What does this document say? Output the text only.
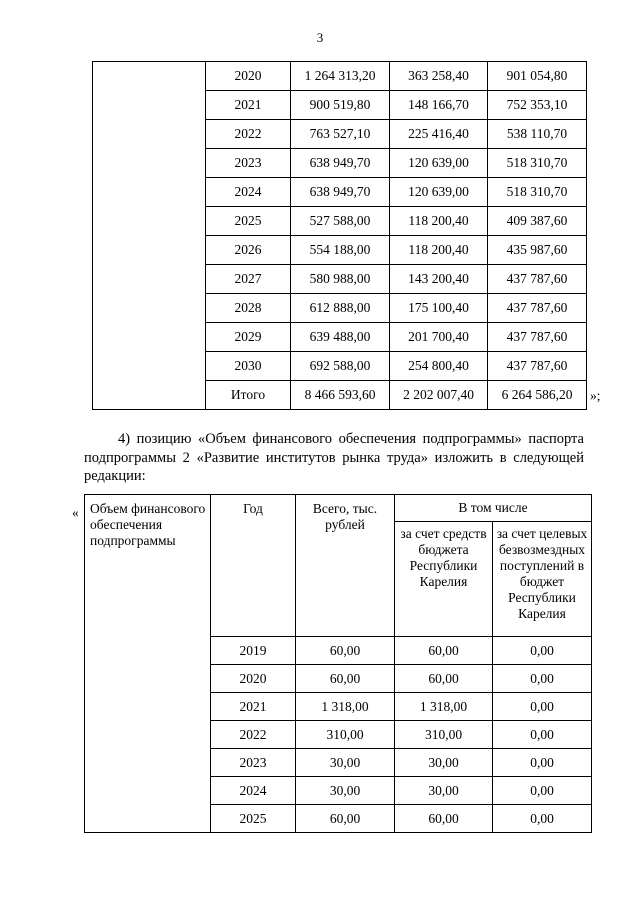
3
	2020	1 264 313,20	363 258,40	901 054,80
	2021	900 519,80	148 166,70	752 353,10
	2022	763 527,10	225 416,40	538 110,70
	2023	638 949,70	120 639,00	518 310,70
	2024	638 949,70	120 639,00	518 310,70
	2025	527 588,00	118 200,40	409 387,60
	2026	554 188,00	118 200,40	435 987,60
	2027	580 988,00	143 200,40	437 787,60
	2028	612 888,00	175 100,40	437 787,60
	2029	639 488,00	201 700,40	437 787,60
	2030	692 588,00	254 800,40	437 787,60
	Итого	8 466 593,60	2 202 007,40	6 264 586,20 »;

4) позицию «Объем финансового обеспечения подпрограммы» паспорта подпрограммы 2 «Развитие институтов рынка труда» изложить в следующей редакции:

« Объем финансового обеспечения подпрограммы	Год	Всего, тыс. рублей	В том числе	
			за счет средств бюджета Республики Карелия	за счет целевых безвозмездных поступлений в бюджет Республики Карелия
	2019	60,00	60,00	0,00
	2020	60,00	60,00	0,00
	2021	1 318,00	1 318,00	0,00
	2022	310,00	310,00	0,00
	2023	30,00	30,00	0,00
	2024	30,00	30,00	0,00
	2025	60,00	60,00	0,00
